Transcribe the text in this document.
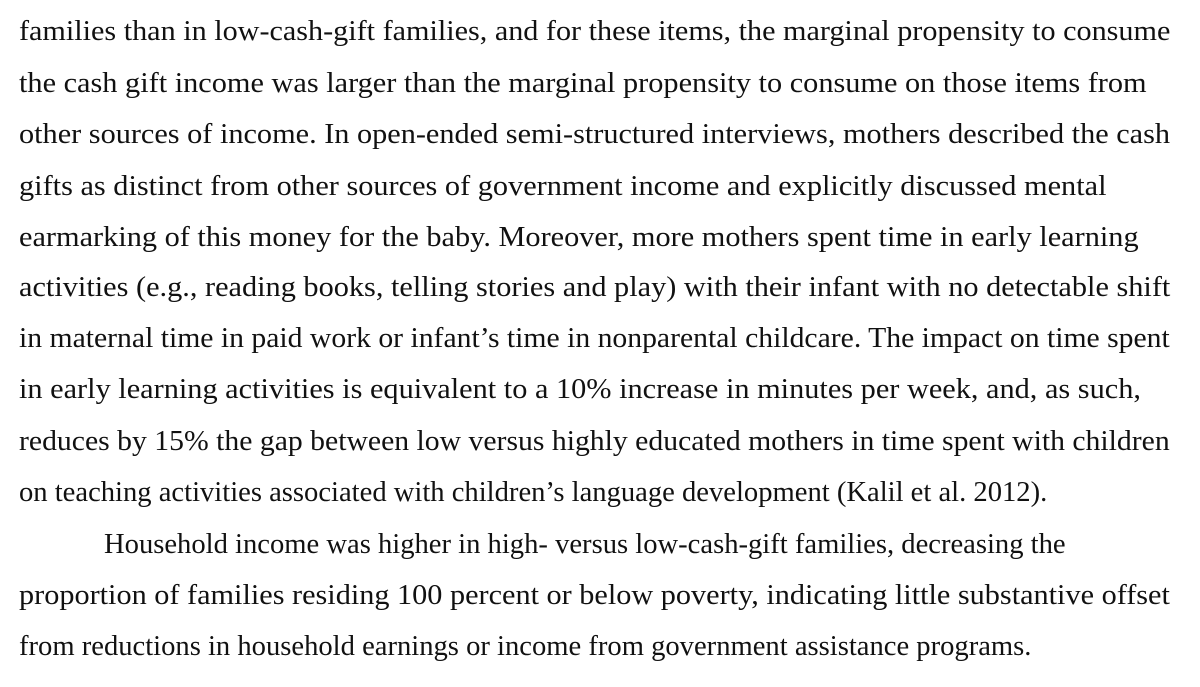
families than in low-cash-gift families, and for these items, the marginal propensity to consume
the cash gift income was larger than the marginal propensity to consume on those items from
other sources of income. In open-ended semi-structured interviews, mothers described the cash
gifts as distinct from other sources of government income and explicitly discussed mental
earmarking of this money for the baby. Moreover, more mothers spent time in early learning
activities (e.g., reading books, telling stories and play) with their infant with no detectable shift
in maternal time in paid work or infant’s time in nonparental childcare. The impact on time spent
in early learning activities is equivalent to a 10% increase in minutes per week, and, as such,
reduces by 15% the gap between low versus highly educated mothers in time spent with children
on teaching activities associated with children’s language development (Kalil et al. 2012).
Household income was higher in high- versus low-cash-gift families, decreasing the
proportion of families residing 100 percent or below poverty, indicating little substantive offset
from reductions in household earnings or income from government assistance programs.
